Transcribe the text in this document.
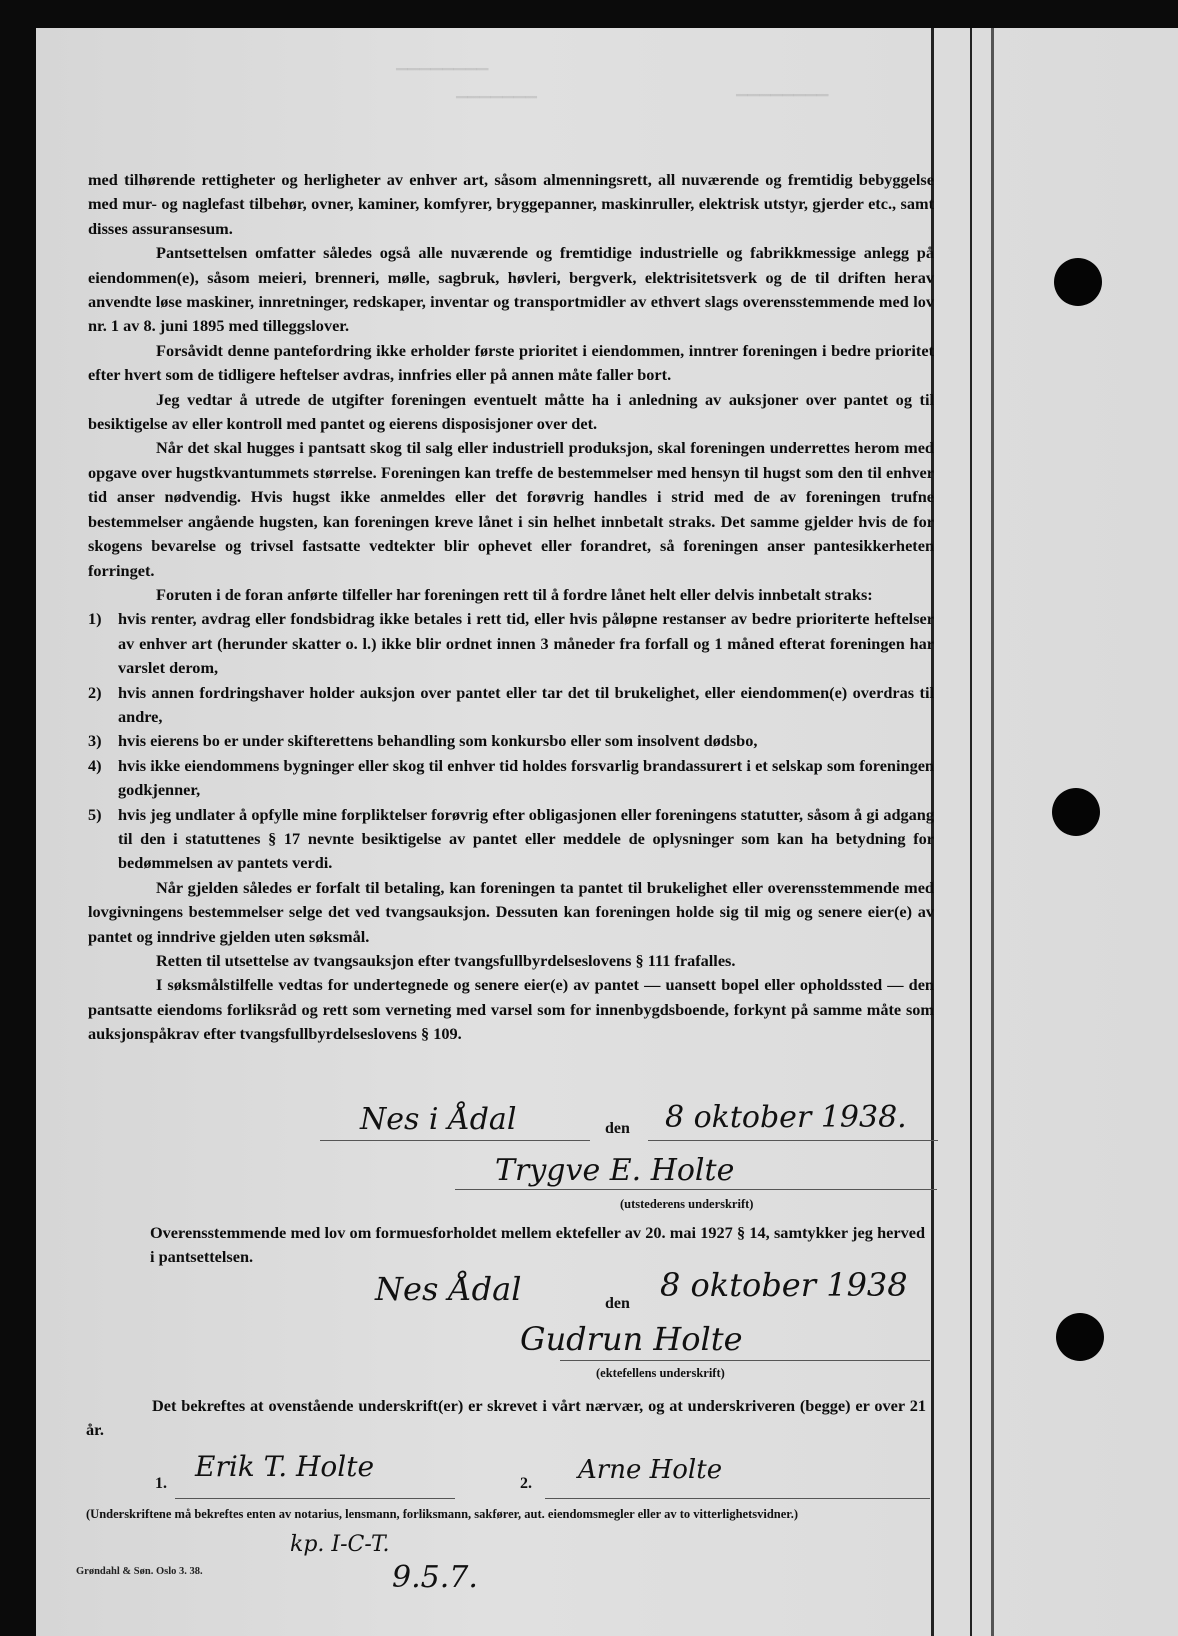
▔▔▔▔▔▔▔▔
▔▔▔▔▔▔▔	▔▔▔▔▔▔▔▔

med tilhørende rettigheter og herligheter av enhver art, såsom almenningsrett, all nuværende og fremtidig bebyggelse med mur- og naglefast tilbehør, ovner, kaminer, komfyrer, bryggepanner, maskinruller, elektrisk utstyr, gjerder etc., samt disses assuransesum.

Pantsettelsen omfatter således også alle nuværende og fremtidige industrielle og fabrikkmessige anlegg på eiendommen(e), såsom meieri, brenneri, mølle, sagbruk, høvleri, bergverk, elektrisitetsverk og de til driften herav anvendte løse maskiner, innretninger, redskaper, inventar og transportmidler av ethvert slags overensstemmende med lov nr. 1 av 8. juni 1895 med tilleggslover.

Forsåvidt denne pantefordring ikke erholder første prioritet i eiendommen, inntrer foreningen i bedre prioritet efter hvert som de tidligere heftelser avdras, innfries eller på annen måte faller bort.

Jeg vedtar å utrede de utgifter foreningen eventuelt måtte ha i anledning av auksjoner over pantet og til besiktigelse av eller kontroll med pantet og eierens disposisjoner over det.

Når det skal hugges i pantsatt skog til salg eller industriell produksjon, skal foreningen underrettes herom med opgave over hugstkvantummets størrelse. Foreningen kan treffe de bestemmelser med hensyn til hugst som den til enhver tid anser nødvendig. Hvis hugst ikke anmeldes eller det forøvrig handles i strid med de av foreningen trufne bestemmelser angående hugsten, kan foreningen kreve lånet i sin helhet innbetalt straks. Det samme gjelder hvis de for skogens bevarelse og trivsel fastsatte vedtekter blir ophevet eller forandret, så foreningen anser pantesikkerheten forringet.

Foruten i de foran anførte tilfeller har foreningen rett til å fordre lånet helt eller delvis innbetalt straks:

1)	hvis renter, avdrag eller fondsbidrag ikke betales i rett tid, eller hvis påløpne restanser av bedre prioriterte heftelser av enhver art (herunder skatter o. l.) ikke blir ordnet innen 3 måneder fra forfall og 1 måned efterat foreningen har varslet derom,
2)	hvis annen fordringshaver holder auksjon over pantet eller tar det til brukelighet, eller eiendommen(e) overdras til andre,
3)	hvis eierens bo er under skifterettens behandling som konkursbo eller som insolvent dødsbo,
4)	hvis ikke eiendommens bygninger eller skog til enhver tid holdes forsvarlig brandassurert i et selskap som foreningen godkjenner,
5)	hvis jeg undlater å opfylle mine forpliktelser forøvrig efter obligasjonen eller foreningens statutter, såsom å gi adgang til den i statuttenes § 17 nevnte besiktigelse av pantet eller meddele de oplysninger som kan ha betydning for bedømmelsen av pantets verdi.

Når gjelden således er forfalt til betaling, kan foreningen ta pantet til brukelighet eller overensstemmende med lovgivningens bestemmelser selge det ved tvangsauksjon. Dessuten kan foreningen holde sig til mig og senere eier(e) av pantet og inndrive gjelden uten søksmål.

Retten til utsettelse av tvangsauksjon efter tvangsfullbyrdelseslovens § 111 frafalles.

I søksmålstilfelle vedtas for undertegnede og senere eier(e) av pantet — uansett bopel eller opholdssted — den pantsatte eiendoms forliksråd og rett som verneting med varsel som for innenbygdsboende, forkynt på samme måte som auksjonspåkrav efter tvangsfullbyrdelseslovens § 109.

Nes i Ådal	den 8 oktober 1938.
Trygve E. Holte
(utstederens underskrift)
Overensstemmende med lov om formuesforholdet mellem ektefeller av 20. mai 1927 § 14, samtykker jeg herved i pantsettelsen.
Nes Ådal	den 8 oktober 1938
Gudrun Holte
(ektefellens underskrift)
Det bekreftes at ovenstående underskrift(er) er skrevet i vårt nærvær, og at underskriveren (begge) er over 21 år.
1.
Erik T. Holte
2. Arne Holte
(Underskriftene må bekreftes enten av notarius, lensmann, forliksmann, sakfører, aut. eiendomsmegler eller av to vitterlighetsvidner.)
Grøndahl & Søn. Oslo 3. 38.
kp. I-C-T.
9.5.7.
